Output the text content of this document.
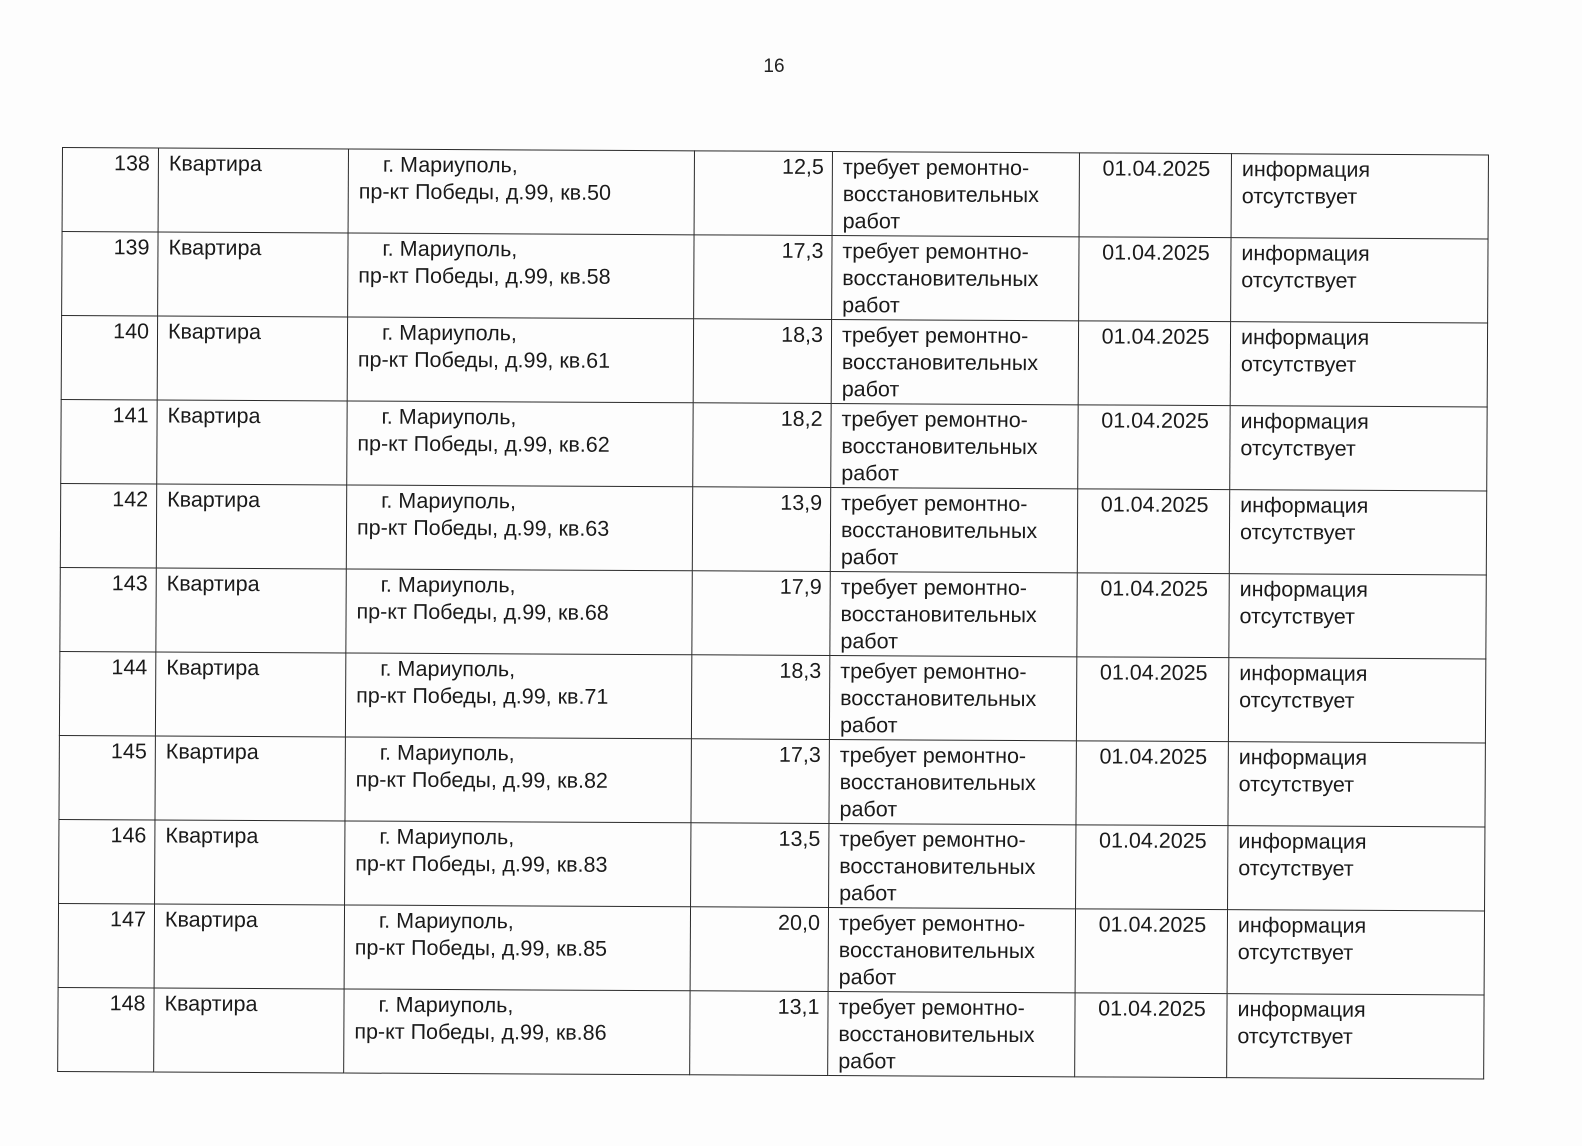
16
138	Квартира	г. Мариуполь,
пр-кт Победы, д.99, кв.50	12,5	требует ремонтно-восстановительных работ	01.04.2025	информация отсутствует
139	Квартира	г. Мариуполь,
пр-кт Победы, д.99, кв.58	17,3	требует ремонтно-восстановительных работ	01.04.2025	информация отсутствует
140	Квартира	г. Мариуполь,
пр-кт Победы, д.99, кв.61	18,3	требует ремонтно-восстановительных работ	01.04.2025	информация отсутствует
141	Квартира	г. Мариуполь,
пр-кт Победы, д.99, кв.62	18,2	требует ремонтно-восстановительных работ	01.04.2025	информация отсутствует
142	Квартира	г. Мариуполь,
пр-кт Победы, д.99, кв.63	13,9	требует ремонтно-восстановительных работ	01.04.2025	информация отсутствует
143	Квартира	г. Мариуполь,
пр-кт Победы, д.99, кв.68	17,9	требует ремонтно-восстановительных работ	01.04.2025	информация отсутствует
144	Квартира	г. Мариуполь,
пр-кт Победы, д.99, кв.71	18,3	требует ремонтно-восстановительных работ	01.04.2025	информация отсутствует
145	Квартира	г. Мариуполь,
пр-кт Победы, д.99, кв.82	17,3	требует ремонтно-восстановительных работ	01.04.2025	информация отсутствует
146	Квартира	г. Мариуполь,
пр-кт Победы, д.99, кв.83	13,5	требует ремонтно-восстановительных работ	01.04.2025	информация отсутствует
147	Квартира	г. Мариуполь,
пр-кт Победы, д.99, кв.85	20,0	требует ремонтно-восстановительных работ	01.04.2025	информация отсутствует
148	Квартира	г. Мариуполь,
пр-кт Победы, д.99, кв.86	13,1	требует ремонтно-восстановительных работ	01.04.2025	информация отсутствует
